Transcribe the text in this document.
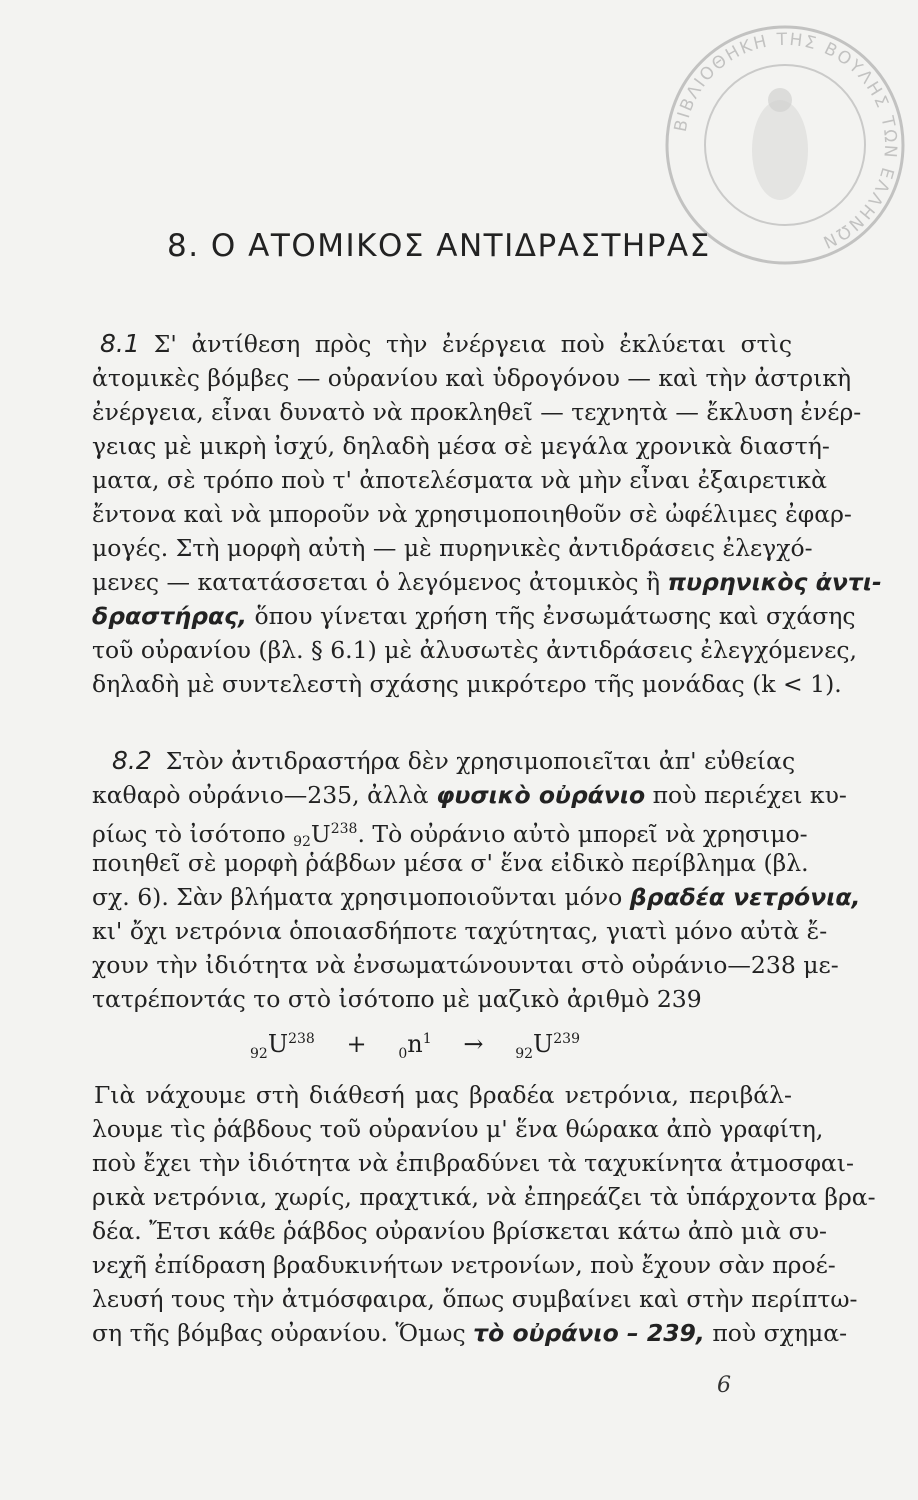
ΒΙΒΛΙΟΘΗΚΗ ΤΗΣ ΒΟΥΛΗΣ ΤΩΝ ΕΛΛΗΝΩΝ
8. Ο ΑΤΟΜΙΚΟΣ ΑΝΤΙΔΡΑΣΤΗΡΑΣ
8.1 Σ' ἀντίθεση πρὸς τὴν ἐνέργεια ποὺ ἐκλύεται στὶς
ἀτομικὲς βόμβες — οὐρανίου καὶ ὑδρογόνου — καὶ τὴν ἀστρικὴ
ἐνέργεια, εἶναι δυνατὸ νὰ προκληθεῖ — τεχνητὰ — ἔκλυση ἐνέρ-
γειας μὲ μικρὴ ἰσχύ, δηλαδὴ μέσα σὲ μεγάλα χρονικὰ διαστή-
ματα, σὲ τρόπο ποὺ τ' ἀποτελέσματα νὰ μὴν εἶναι ἐξαιρετικὰ
ἔντονα καὶ νὰ μποροῦν νὰ χρησιμοποιηθοῦν σὲ ὠφέλιμες ἐφαρ-
μογές. Στὴ μορφὴ αὐτὴ — μὲ πυρηνικὲς ἀντιδράσεις ἐλεγχό-
μενες — κατατάσσεται ὁ λεγόμενος ἀτομικὸς ἢ πυρηνικὸς ἀντι-
δραστήρας, ὅπου γίνεται χρήση τῆς ἐνσωμάτωσης καὶ σχάσης
τοῦ οὐρανίου (βλ. § 6.1) μὲ ἀλυσωτὲς ἀντιδράσεις ἐλεγχόμενες,
δηλαδὴ μὲ συντελεστὴ σχάσης μικρότερο τῆς μονάδας (k < 1).
8.2 Στὸν ἀντιδραστήρα δὲν χρησιμοποιεῖται ἀπ' εὐθείας
καθαρὸ οὐράνιο—235, ἀλλὰ φυσικὸ οὐράνιο ποὺ περιέχει κυ-
ρίως τὸ ἰσότοπο $_{92}U^{238}$. Τὸ οὐράνιο αὐτὸ μπορεῖ νὰ χρησιμο-
ποιηθεῖ σὲ μορφὴ ῥάβδων μέσα σ' ἕνα εἰδικὸ περίβλημα (βλ.
σχ. 6). Σὰν βλήματα χρησιμοποιοῦνται μόνο βραδέα νετρόνια,
κι' ὄχι νετρόνια ὁποιασδήποτε ταχύτητας, γιατὶ μόνο αὐτὰ ἔ-
χουν τὴν ἰδιότητα νὰ ἐνσωματώνουνται στὸ οὐράνιο—238 με-
τατρέποντάς το στὸ ἰσότοπο μὲ μαζικὸ ἀριθμὸ 239
$_{92}U^{238} + _0n^1 \to _{92}U^{239}$
Γιὰ νάχουμε στὴ διάθεσή μας βραδέα νετρόνια, περιβάλ-
λουμε τὶς ῥάβδους τοῦ οὐρανίου μ' ἕνα θώρακα ἀπὸ γραφίτη,
ποὺ ἔχει τὴν ἰδιότητα νὰ ἐπιβραδύνει τὰ ταχυκίνητα ἀτμοσφαι-
ρικὰ νετρόνια, χωρίς, πραχτικά, νὰ ἐπηρεάζει τὰ ὑπάρχοντα βρα-
δέα. Ἔτσι κάθε ῥάβδος οὐρανίου βρίσκεται κάτω ἀπὸ μιὰ συ-
νεχῆ ἐπίδραση βραδυκινήτων νετρονίων, ποὺ ἔχουν σὰν προέ-
λευσή τους τὴν ἀτμόσφαιρα, ὅπως συμβαίνει καὶ στὴν περίπτω-
ση τῆς βόμβας οὐρανίου. Ὅμως τὸ οὐράνιο – 239, ποὺ σχημα-
6
